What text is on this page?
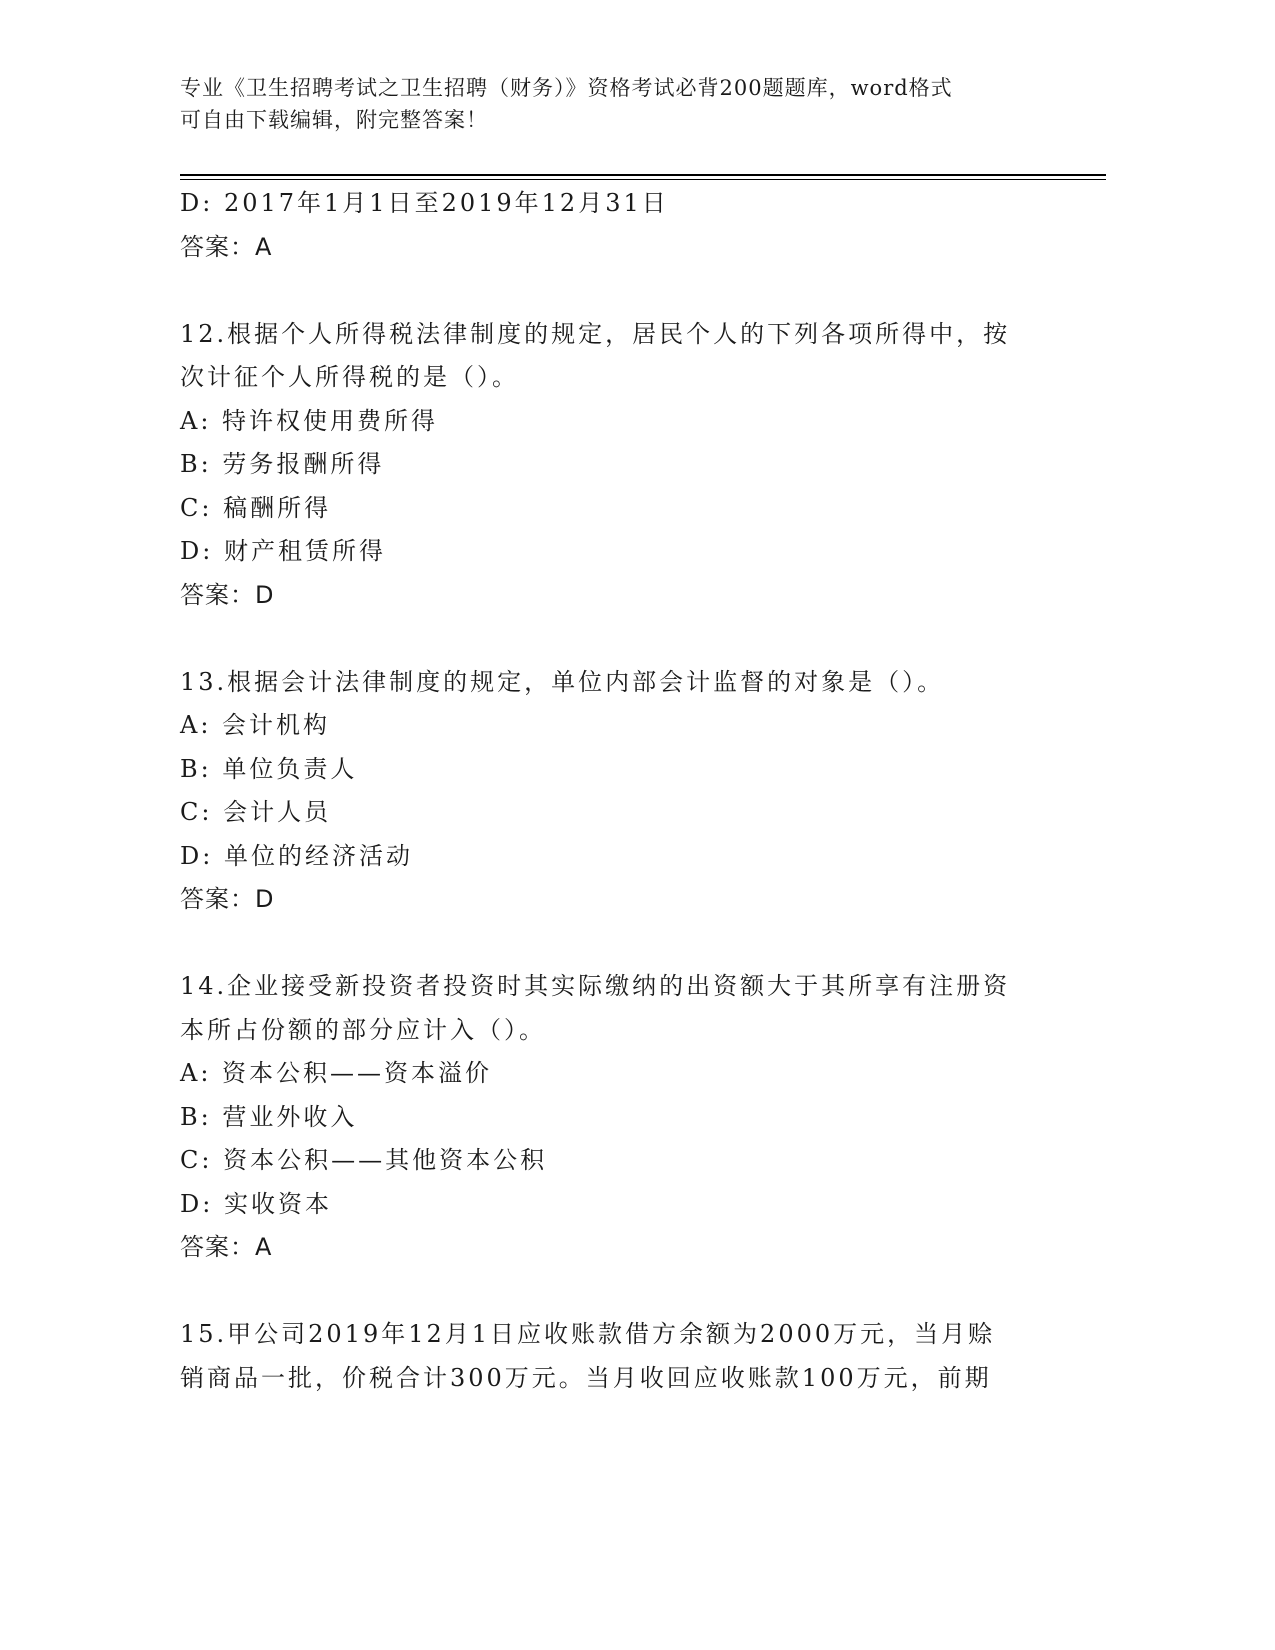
专业《卫生招聘考试之卫生招聘（财务）》资格考试必背200题题库，word格式
可自由下载编辑，附完整答案！
D: 2017年1月1日至2019年12月31日
答案：A
12.根据个人所得税法律制度的规定，居民个人的下列各项所得中，按
次计征个人所得税的是（）。
A: 特许权使用费所得
B: 劳务报酬所得
C: 稿酬所得
D: 财产租赁所得
答案：D
13.根据会计法律制度的规定，单位内部会计监督的对象是（）。
A: 会计机构
B: 单位负责人
C: 会计人员
D: 单位的经济活动
答案：D
14.企业接受新投资者投资时其实际缴纳的出资额大于其所享有注册资
本所占份额的部分应计入（）。
A: 资本公积——资本溢价
B: 营业外收入
C: 资本公积——其他资本公积
D: 实收资本
答案：A
15.甲公司2019年12月1日应收账款借方余额为2000万元，当月赊
销商品一批，价税合计300万元。当月收回应收账款100万元，前期
